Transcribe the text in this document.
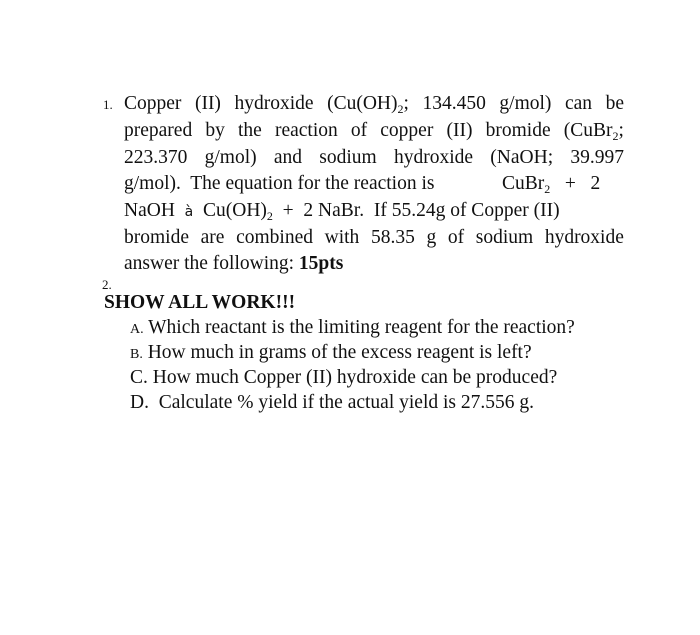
1. Copper (II) hydroxide ($Cu(OH)_2$; 134.450 g/mol) can be
prepared by the reaction of copper (II) bromide (CuBr$_2$;
223.370 g/mol) and sodium hydroxide (NaOH; 39.997
g/mol).  The equation for the reaction is	CuBr$_2$   +   2
NaOH  à  $Cu(OH)_2 + 2$ NaBr.  If 55.24g of Copper (II)
bromide are combined with 58.35 g of sodium hydroxide
answer the following: 15pts
2.
SHOW ALL WORK!!!
A. Which reactant is the limiting reagent for the reaction?
B. How much in grams of the excess reagent is left?
C. How much Copper (II) hydroxide can be produced?
D. Calculate % yield if the actual yield is 27.556 g.
